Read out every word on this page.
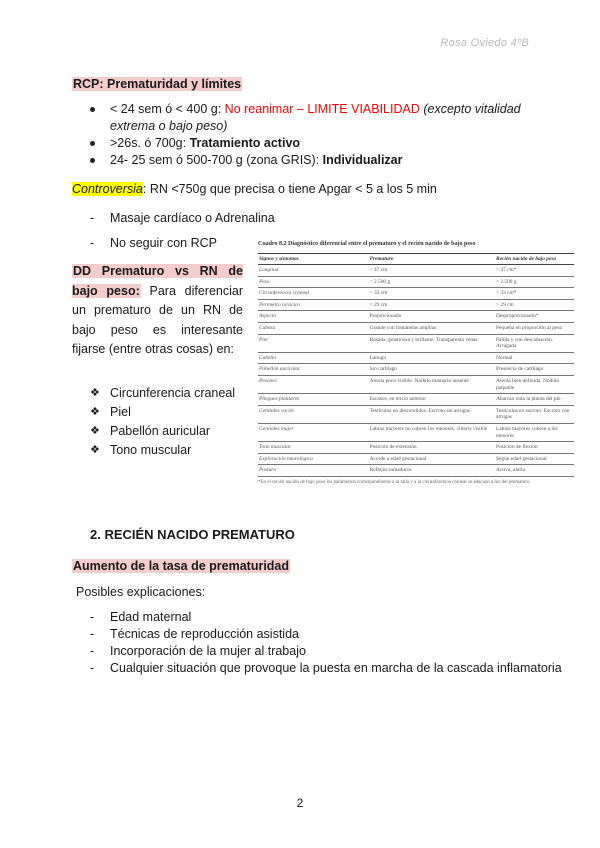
Rosa Oviedo 4ºB
RCP: Prematuridad y límites
< 24 sem ó < 400 g: No reanimar – LIMITE VIABILIDAD (excepto vitalidad extrema o bajo peso)
>26s. ó 700g: Tratamiento activo
24- 25 sem ó 500-700 g (zona GRIS): Individualizar
Controversia: RN <750g que precisa o tiene Apgar < 5 a los 5 min
- Masaje cardíaco o Adrenalina
- No seguir con RCP
DD Prematuro vs RN de bajo peso: Para diferenciar un prematuro de un RN de bajo peso es interesante fijarse (entre otras cosas) en:
❖ Circunferencia craneal
❖ Piel
❖ Pabellón auricular
❖ Tono muscular
Cuadro 8.2 Diagnóstico diferencial entre el prematuro y el recién nacido de bajo peso
Signos y síntomas	Prematuro	Recién nacido de bajo peso
Longitud	< 47 cm	> 47 cm*
Peso	< 2.500 g	< 2.500 g
Circunferencia craneal	< 33 cm	> 33 cm*
Perímetro torácico	< 29 cm	> 29 cm
Aspecto	Proporcionado	Desproporcionado*
Cabeza	Grande con fontanelas amplias	Pequeña en proporción al peso
Piel	Rosada, gelatinosa y brillante. Transparenta venas	Pálida y con descamación. Arrugada
Cabello	Lanugo	Normal
Pabellón auricular	Sin cartílago	Presencia de cartílago
Pezones	Areola poco visible. Nódulo mamario ausente	Areola bien definida. Nódulo palpable
Pliegues plantares	Escasos, en tercio anterior	Abarcan toda la planta del pie
Genitales varón	Testículos no descendidos. Escroto sin arrugas	Testículos en escroto. Escroto con arrugas
Genitales mujer	Labios mayores no cubren los menores, clítoris visible	Labios mayores cubren a los menores
Tono muscular	Posición de extensión	Posición de flexión
Exploración neurológica	Acorde a edad gestacional	Según edad gestacional
Postura	Reflejos inmaduros	Activa, alerta
*En el recién nacido de bajo peso los parámetros correspondientes a la talla y a la circunferencia craneal se adecuan a los del prematuro.
2. RECIÉN NACIDO PREMATURO
Aumento de la tasa de prematuridad
Posibles explicaciones:
- Edad maternal
- Técnicas de reproducción asistida
- Incorporación de la mujer al trabajo
- Cualquier situación que provoque la puesta en marcha de la cascada inflamatoria
2
